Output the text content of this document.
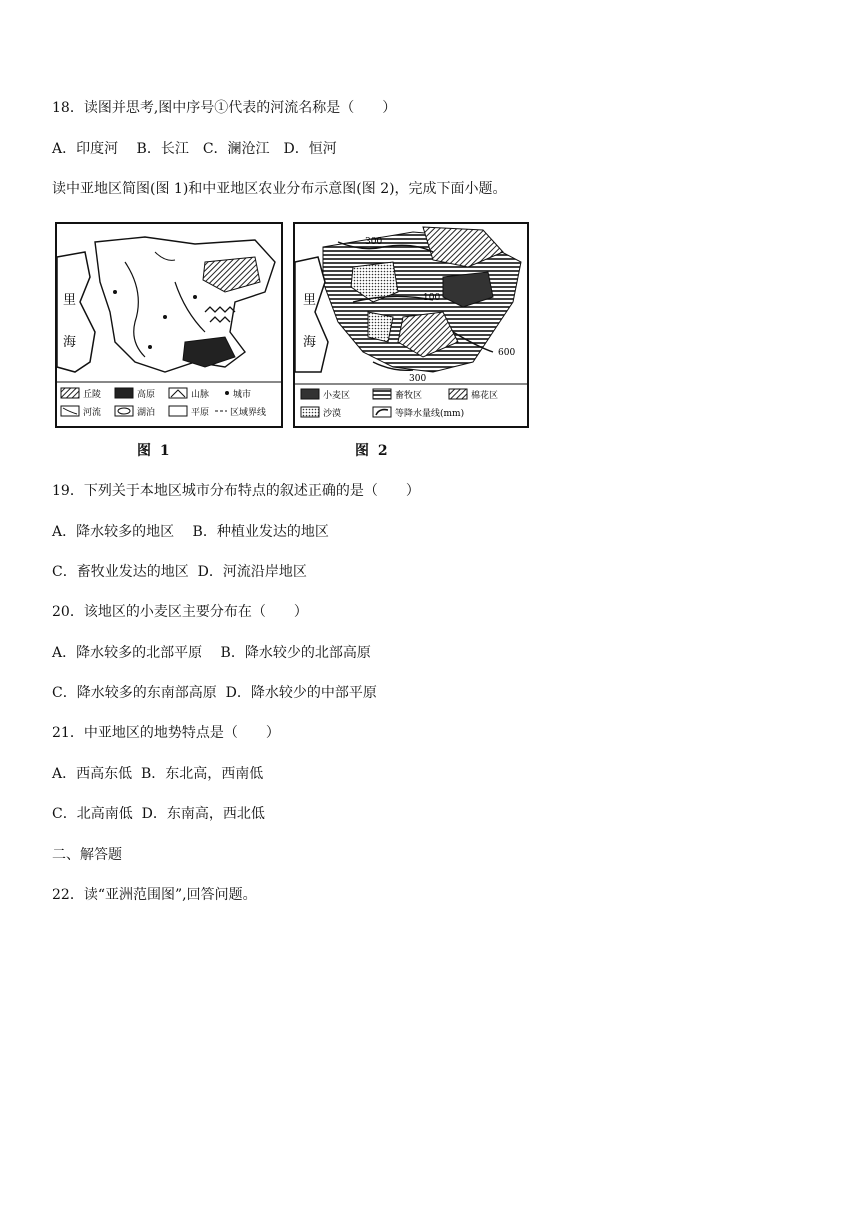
18．读图并思考,图中序号①代表的河流名称是（　　）
A．印度河　 B．长江　C．澜沧江　D．恒河
读中亚地区简图(图 1)和中亚地区农业分布示意图(图 2)，完成下面小题。
里
海
丘陵	高原	山脉	城市
河流	湖泊	平原 区域界线
图 1
300
100
600
300
里
海
小麦区	畜牧区	棉花区
沙漠	等降水量线(mm)
图 2
19．下列关于本地区城市分布特点的叙述正确的是（　　）
A．降水较多的地区　 B．种植业发达的地区
C．畜牧业发达的地区  D．河流沿岸地区
20．该地区的小麦区主要分布在（　　）
A．降水较多的北部平原　 B．降水较少的北部高原
C．降水较多的东南部高原  D．降水较少的中部平原
21．中亚地区的地势特点是（　　）
A．西高东低  B．东北高，西南低
C．北高南低  D．东南高，西北低
二、解答题
22．读“亚洲范围图”,回答问题。
